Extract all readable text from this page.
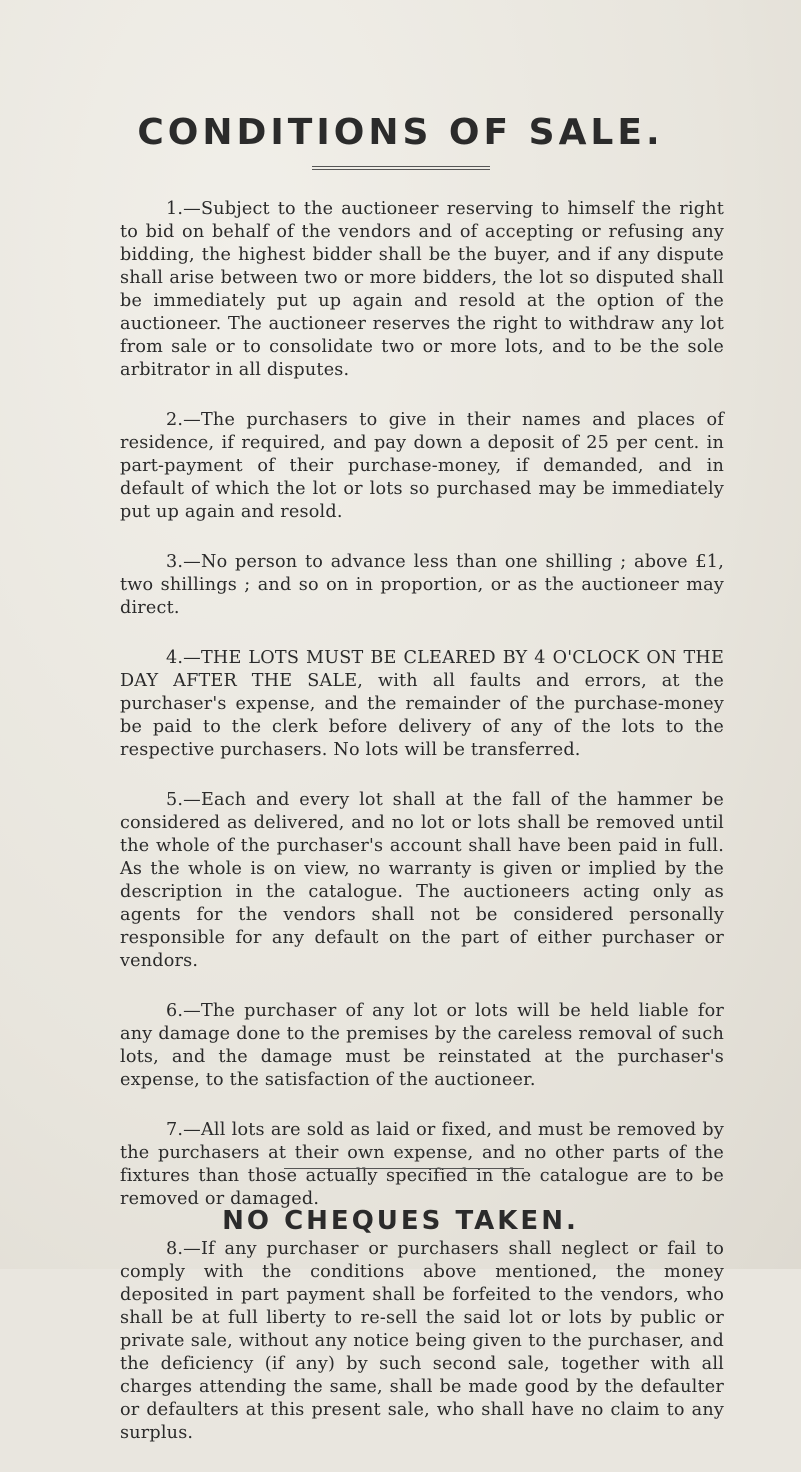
CONDITIONS OF SALE.

1.—Subject to the auctioneer reserving to himself the right to bid on behalf of the vendors and of accepting or refusing any bidding, the highest bidder shall be the buyer, and if any dispute shall arise between two or more bidders, the lot so disputed shall be immediately put up again and resold at the option of the auctioneer. The auctioneer reserves the right to withdraw any lot from sale or to consolidate two or more lots, and to be the sole arbitrator in all disputes.

2.—The purchasers to give in their names and places of residence, if required, and pay down a deposit of 25 per cent. in part-payment of their purchase-money, if demanded, and in default of which the lot or lots so purchased may be immediately put up again and resold.

3.—No person to advance less than one shilling ; above £1, two shillings ; and so on in proportion, or as the auctioneer may direct.

4.—THE LOTS MUST BE CLEARED BY 4 O'CLOCK ON THE DAY AFTER THE SALE, with all faults and errors, at the purchaser's expense, and the remainder of the purchase-money be paid to the clerk before delivery of any of the lots to the respective purchasers. No lots will be transferred.

5.—Each and every lot shall at the fall of the hammer be considered as delivered, and no lot or lots shall be removed until the whole of the purchaser's account shall have been paid in full. As the whole is on view, no warranty is given or implied by the description in the catalogue. The auctioneers acting only as agents for the vendors shall not be considered personally responsible for any default on the part of either purchaser or vendors.

6.—The purchaser of any lot or lots will be held liable for any damage done to the premises by the careless removal of such lots, and the damage must be reinstated at the purchaser's expense, to the satisfaction of the auctioneer.

7.—All lots are sold as laid or fixed, and must be removed by the purchasers at their own expense, and no other parts of the fixtures than those actually specified in the catalogue are to be removed or damaged.

8.—If any purchaser or purchasers shall neglect or fail to comply with the conditions above mentioned, the money deposited in part payment shall be forfeited to the vendors, who shall be at full liberty to re-sell the said lot or lots by public or private sale, without any notice being given to the purchaser, and the deficiency (if any) by such second sale, together with all charges attending the same, shall be made good by the defaulter or defaulters at this present sale, who shall have no claim to any surplus.

NO CHEQUES TAKEN.
